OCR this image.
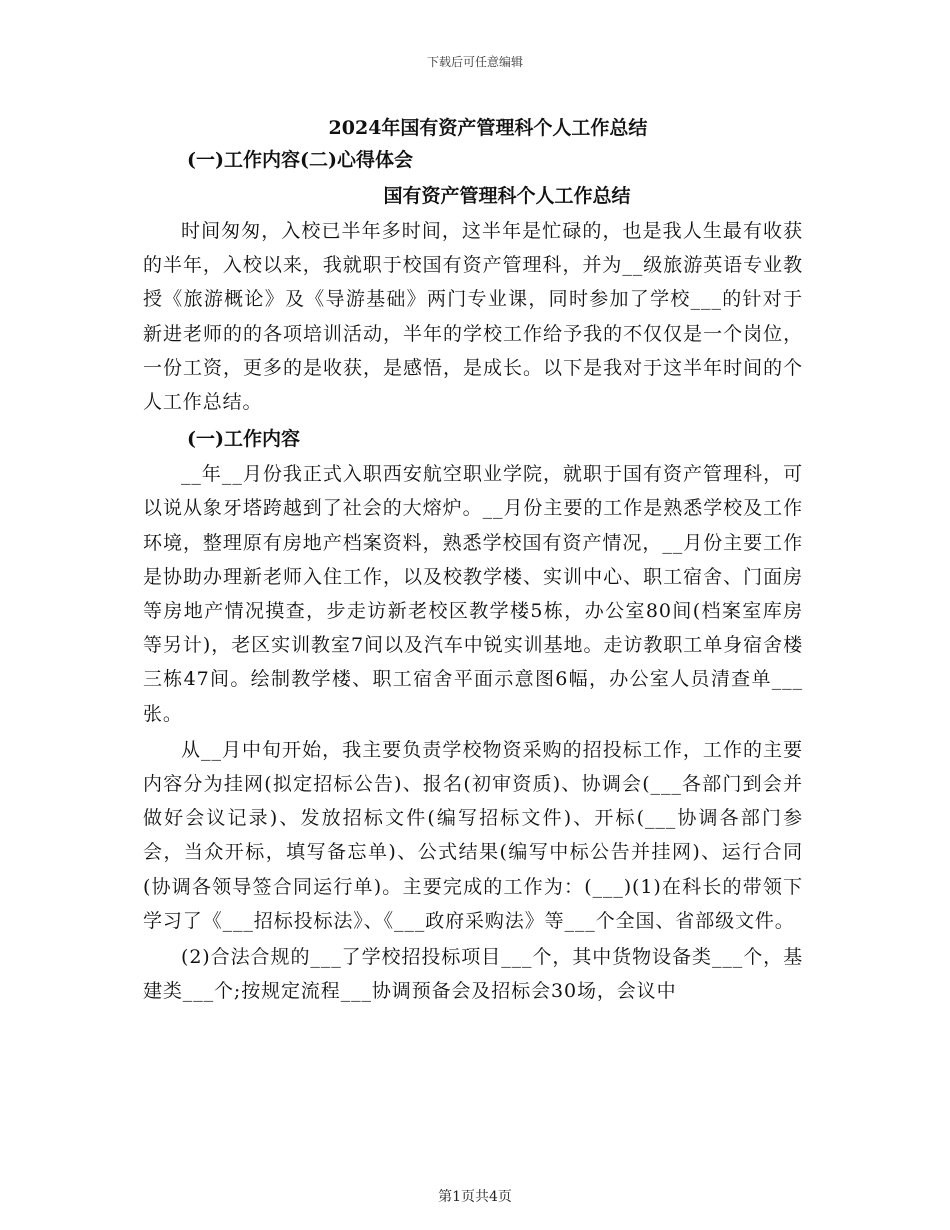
下载后可任意编辑
2024年国有资产管理科个人工作总结
(一)工作内容(二)心得体会
国有资产管理科个人工作总结

时间匆匆，入校已半年多时间，这半年是忙碌的，也是我人生最有收获的半年，入校以来，我就职于校国有资产管理科，并为__级旅游英语专业教授《旅游概论》及《导游基础》两门专业课，同时参加了学校___的针对于新进老师的的各项培训活动，半年的学校工作给予我的不仅仅是一个岗位，一份工资，更多的是收获，是感悟，是成长。以下是我对于这半年时间的个人工作总结。

(一)工作内容

__年__月份我正式入职西安航空职业学院，就职于国有资产管理科，可以说从象牙塔跨越到了社会的大熔炉。__月份主要的工作是熟悉学校及工作环境，整理原有房地产档案资料，熟悉学校国有资产情况，__月份主要工作是协助办理新老师入住工作，以及校教学楼、实训中心、职工宿舍、门面房等房地产情况摸查，步走访新老校区教学楼5栋，办公室80间(档案室库房等另计)，老区实训教室7间以及汽车中锐实训基地。走访教职工单身宿舍楼三栋47间。绘制教学楼、职工宿舍平面示意图6幅，办公室人员清查单___张。

从__月中旬开始，我主要负责学校物资采购的招投标工作，工作的主要内容分为挂网(拟定招标公告)、报名(初审资质)、协调会(___各部门到会并做好会议记录)、发放招标文件(编写招标文件)、开标(___协调各部门参会，当众开标，填写备忘单)、公式结果(编写中标公告并挂网)、运行合同(协调各领导签合同运行单)。主要完成的工作为：(___)(1)在科长的带领下学习了《___招标投标法》、《___政府采购法》等___个全国、省部级文件。

(2)合法合规的___了学校招投标项目___个，其中货物设备类___个，基建类___个;按规定流程___协调预备会及招标会30场，会议中

第1页共4页
